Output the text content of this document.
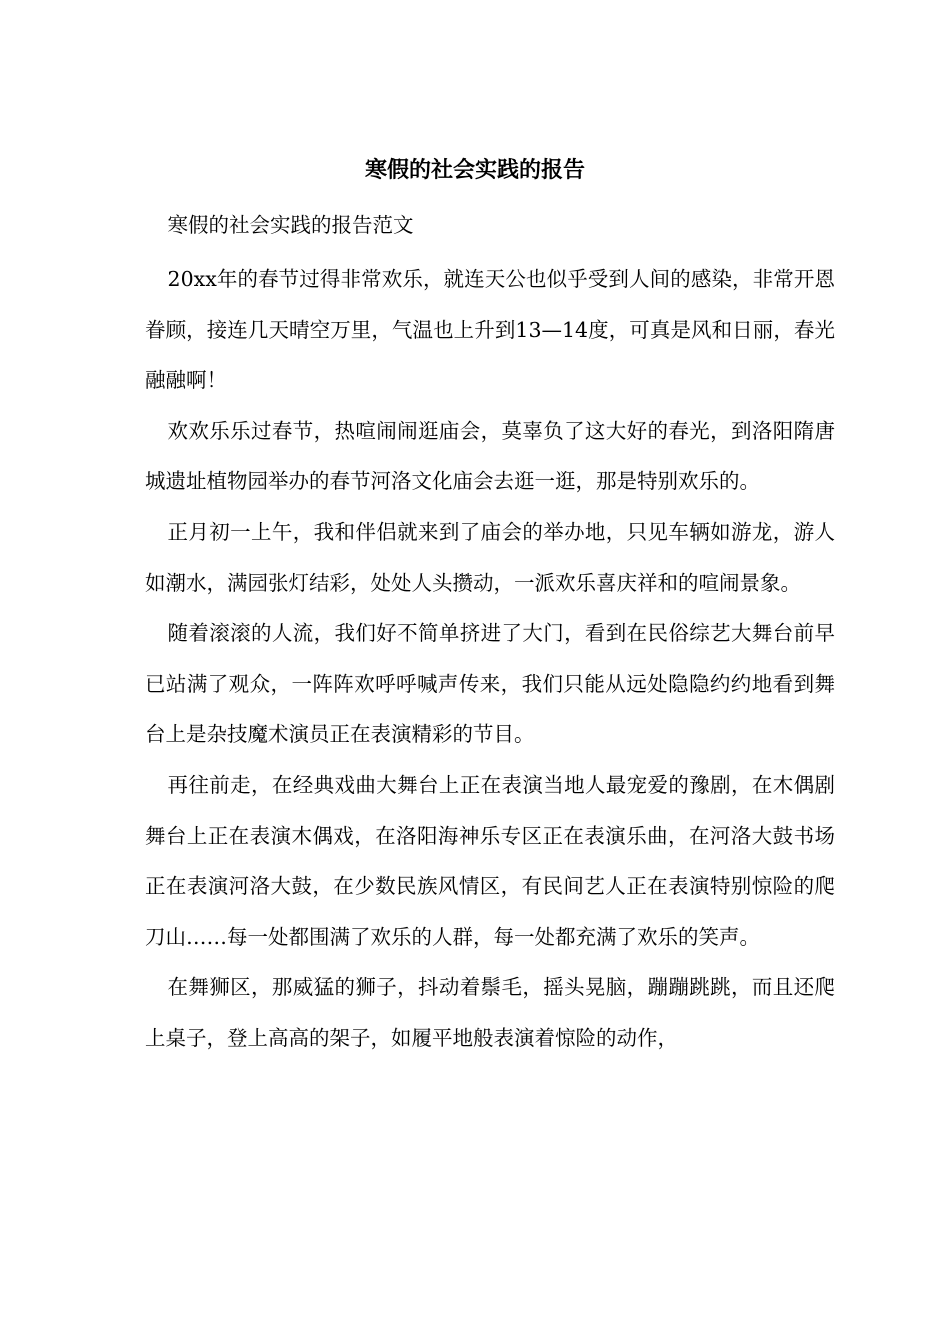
寒假的社会实践的报告

寒假的社会实践的报告范文

20xx年的春节过得非常欢乐，就连天公也似乎受到人间的感染，非常开恩眷顾，接连几天晴空万里，气温也上升到13—14度，可真是风和日丽，春光融融啊！

欢欢乐乐过春节，热喧闹闹逛庙会，莫辜负了这大好的春光，到洛阳隋唐城遗址植物园举办的春节河洛文化庙会去逛一逛，那是特别欢乐的。

正月初一上午，我和伴侣就来到了庙会的举办地，只见车辆如游龙，游人如潮水，满园张灯结彩，处处人头攒动，一派欢乐喜庆祥和的喧闹景象。

随着滚滚的人流，我们好不简单挤进了大门，看到在民俗综艺大舞台前早已站满了观众，一阵阵欢呼呼喊声传来，我们只能从远处隐隐约约地看到舞台上是杂技魔术演员正在表演精彩的节目。

再往前走，在经典戏曲大舞台上正在表演当地人最宠爱的豫剧，在木偶剧舞台上正在表演木偶戏，在洛阳海神乐专区正在表演乐曲，在河洛大鼓书场正在表演河洛大鼓，在少数民族风情区，有民间艺人正在表演特别惊险的爬刀山……每一处都围满了欢乐的人群，每一处都充满了欢乐的笑声。

在舞狮区，那威猛的狮子，抖动着鬃毛，摇头晃脑，蹦蹦跳跳，而且还爬上桌子，登上高高的架子，如履平地般表演着惊险的动作，
